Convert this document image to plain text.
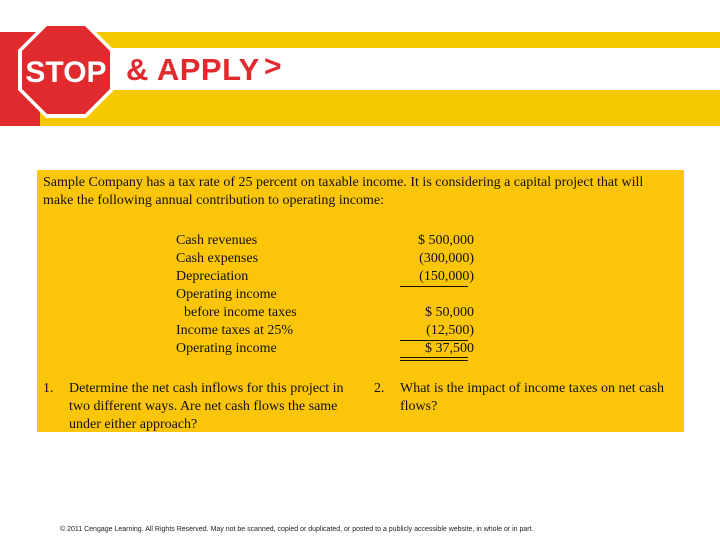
STOP & APPLY >
Sample Company has a tax rate of 25 percent on taxable income. It is considering a capital project that will make the following annual contribution to operating income:
Cash revenues	$ 500,000
Cash expenses	(300,000)
Depreciation	(150,000)
Operating income
before income taxes	$ 50,000
Income taxes at 25%	(12,500)
Operating income	$ 37,500
1. Determine the net cash inflows for this project in two different ways. Are net cash flows the same under either approach?
2. What is the impact of income taxes on net cash flows?
© 2011 Cengage Learning. All Rights Reserved. May not be scanned, copied or duplicated, or posted to a publicly accessible website, in whole or in part.
